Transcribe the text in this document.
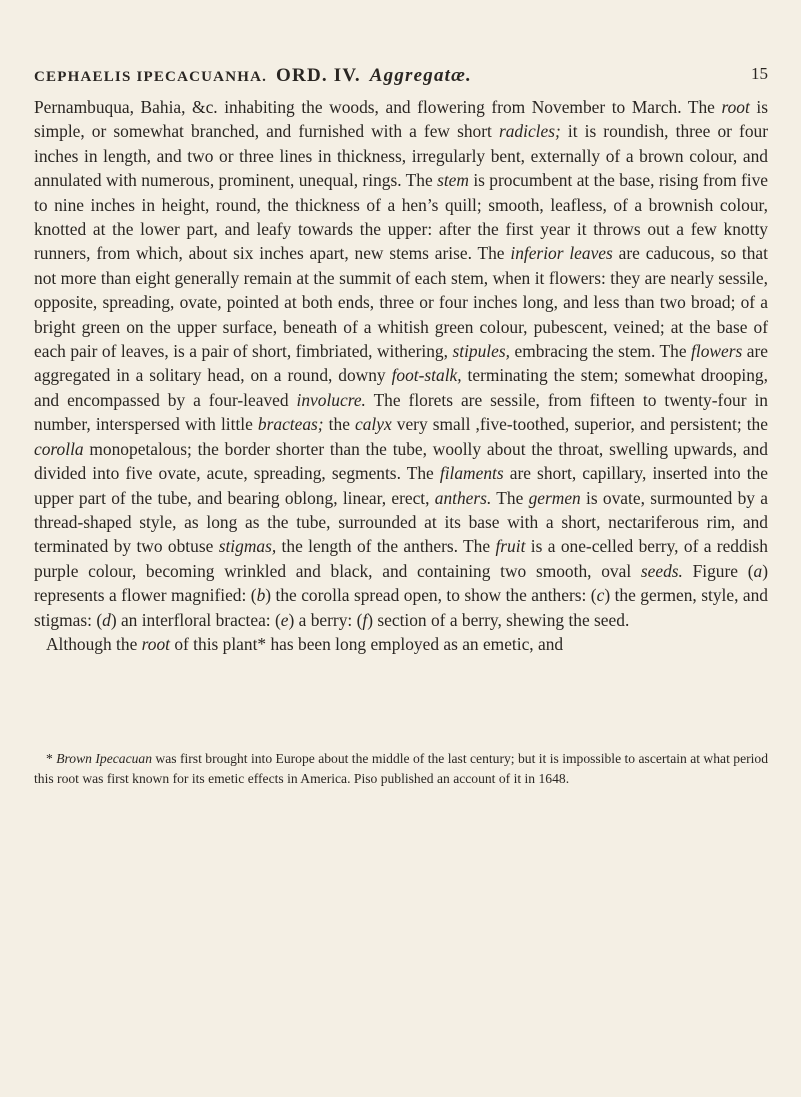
CEPHAELIS IPECACUANHA. ORD. IV. Aggregatæ.	15

Pernambuqua, Bahia, &c. inhabiting the woods, and flowering from November to March. The root is simple, or somewhat branched, and furnished with a few short radicles; it is roundish, three or four inches in length, and two or three lines in thickness, irregularly bent, externally of a brown colour, and annulated with numerous, prominent, unequal, rings. The stem is procumbent at the base, rising from five to nine inches in height, round, the thickness of a hen’s quill; smooth, leafless, of a brownish colour, knotted at the lower part, and leafy towards the upper: after the first year it throws out a few knotty runners, from which, about six inches apart, new stems arise. The inferior leaves are caducous, so that not more than eight generally remain at the summit of each stem, when it flowers: they are nearly sessile, opposite, spreading, ovate, pointed at both ends, three or four inches long, and less than two broad; of a bright green on the upper surface, beneath of a whitish green colour, pubescent, veined; at the base of each pair of leaves, is a pair of short, fimbriated, withering, stipules, embracing the stem. The flowers are aggregated in a solitary head, on a round, downy foot-stalk, terminating the stem; somewhat drooping, and encompassed by a four-leaved involucre. The florets are sessile, from fifteen to twenty-four in number, interspersed with little bracteas; the calyx very small ,five-toothed, superior, and persistent; the corolla monopetalous; the border shorter than the tube, woolly about the throat, swelling upwards, and divided into five ovate, acute, spreading, segments. The filaments are short, capillary, inserted into the upper part of the tube, and bearing oblong, linear, erect, anthers. The germen is ovate, surmounted by a thread-shaped style, as long as the tube, surrounded at its base with a short, nectariferous rim, and terminated by two obtuse stigmas, the length of the anthers. The fruit is a one-celled berry, of a reddish purple colour, becoming wrinkled and black, and containing two smooth, oval seeds. Figure (a) represents a flower magnified: (b) the corolla spread open, to show the anthers: (c) the germen, style, and stigmas: (d) an interfloral bractea: (e) a berry: (f) section of a berry, shewing the seed.
Although the root of this plant* has been long employed as an emetic, and

* Brown Ipecacuan was first brought into Europe about the middle of the last century; but it is impossible to ascertain at what period this root was first known for its emetic effects in America. Piso published an account of it in 1648.
